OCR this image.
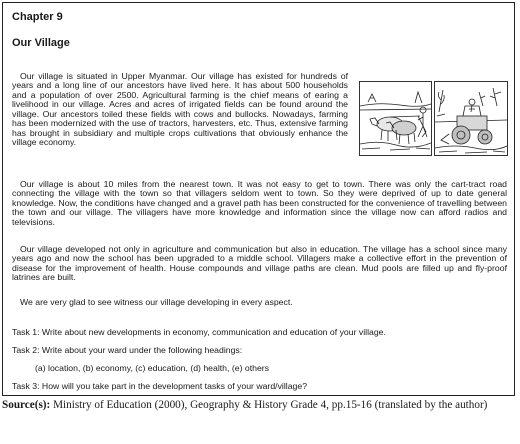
Chapter 9
Our Village
Our village is situated in Upper Myanmar. Our village has existed for hundreds of years and a long line of our ancestors have lived here. It has about 500 households and a population of over 2500. Agricultural farming is the chief means of earing a livelihood in our village. Acres and acres of irrigated fields can be found around the village. Our ancestors toiled these fields with cows and bullocks. Nowadays, farming has been modernized with the use of tractors, harvesters, etc. Thus, extensive farming has brought in subsidiary and multiple crops cultivations that obviously enhance the village economy.
Our village is about 10 miles from the nearest town. It was not easy to get to town. There was only the cart-tract road connecting the village with the town so that villagers seldom went to town. So they were deprived of up to date general knowledge. Now, the conditions have changed and a gravel path has been constructed for the convenience of travelling between the town and our village. The villagers have more knowledge and information since the village now can afford radios and televisions.
Our village developed not only in agriculture and communication but also in education. The village has a school since many years ago and now the school has been upgraded to a middle school. Villagers make a collective effort in the prevention of disease for the improvement of health. House compounds and village paths are clean. Mud pools are filled up and fly-proof latrines are built.
We are very glad to see witness our village developing in every aspect.
Task 1: Write about new developments in economy, communication and education of your village.
Task 2: Write about your ward under the following headings:
(a) location, (b) economy, (c) education, (d) health, (e) others
Task 3: How will you take part in the development tasks of your ward/village?
Source(s): Ministry of Education (2000), Geography & History Grade 4, pp.15-16 (translated by the author)
